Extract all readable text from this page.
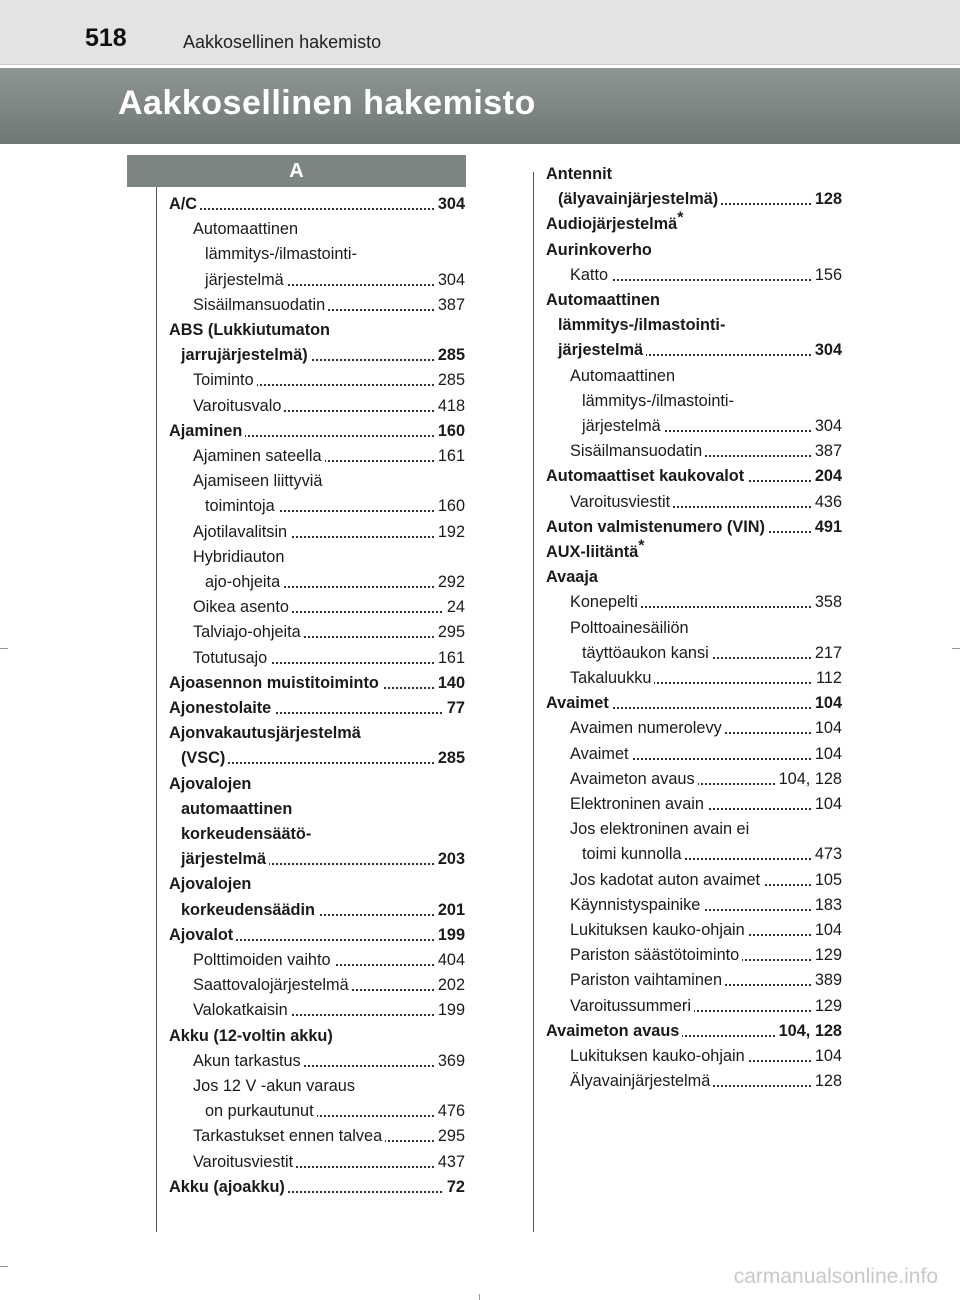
518	Aakkosellinen hakemisto
Aakkosellinen hakemisto
A
A/C	304
Automaattinen
lämmitys-/ilmastointi-
järjestelmä	304
Sisäilmansuodatin	387
ABS (Lukkiutumaton
jarrujärjestelmä)	285
Toiminto	285
Varoitusvalo	418
Ajaminen	160
Ajaminen sateella	161
Ajamiseen liittyviä
toimintoja	160
Ajotilavalitsin	192
Hybridiauton
ajo-ohjeita	292
Oikea asento	24
Talviajo-ohjeita	295
Totutusajo	161
Ajoasennon muistitoiminto	140
Ajonestolaite	77
Ajonvakautusjärjestelmä
(VSC)	285
Ajovalojen
automaattinen
korkeudensäätö-
järjestelmä	203
Ajovalojen
korkeudensäädin	201
Ajovalot	199
Polttimoiden vaihto	404
Saattovalojärjestelmä	202
Valokatkaisin	199
Akku (12-voltin akku)
Akun tarkastus	369
Jos 12 V -akun varaus
on purkautunut	476
Tarkastukset ennen talvea	295
Varoitusviestit	437
Akku (ajoakku)	72
Antennit
(älyavainjärjestelmä)	128
Audiojärjestelmä*
Aurinkoverho
Katto	156
Automaattinen
lämmitys-/ilmastointi-
järjestelmä	304
Automaattinen
lämmitys-/ilmastointi-
järjestelmä	304
Sisäilmansuodatin	387
Automaattiset kaukovalot	204
Varoitusviestit	436
Auton valmistenumero (VIN)	491
AUX-liitäntä*
Avaaja
Konepelti	358
Polttoainesäiliön
täyttöaukon kansi	217
Takaluukku	112
Avaimet	104
Avaimen numerolevy	104
Avaimet	104
Avaimeton avaus	104, 128
Elektroninen avain	104
Jos elektroninen avain ei
toimi kunnolla	473
Jos kadotat auton avaimet	105
Käynnistyspainike	183
Lukituksen kauko-ohjain	104
Pariston säästötoiminto	129
Pariston vaihtaminen	389
Varoitussummeri	129
Avaimeton avaus	104, 128
Lukituksen kauko-ohjain	104
Älyavainjärjestelmä	128
carmanualsonline.info
